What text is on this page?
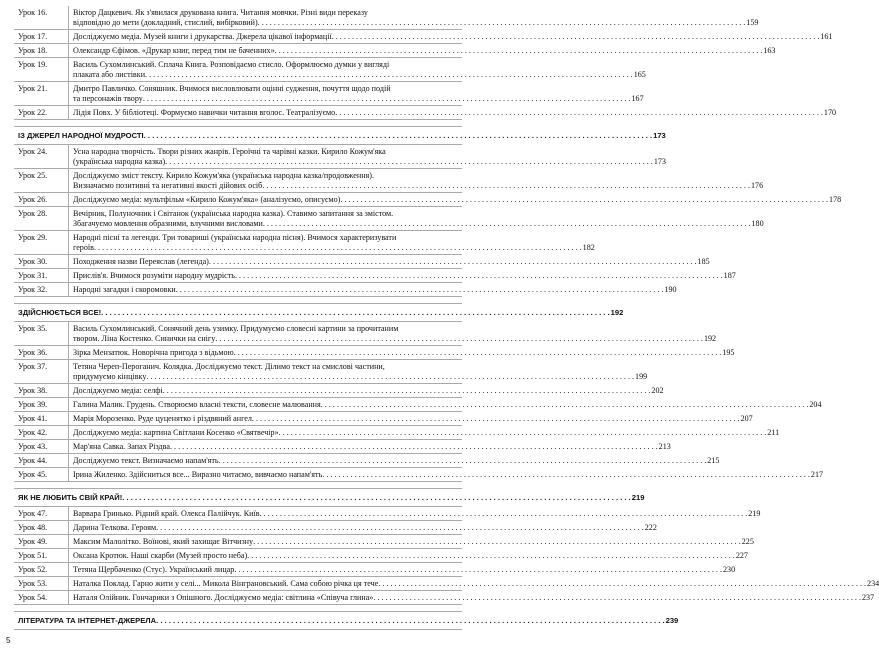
Урок 16.	Віктор Дацкевич. Як з'явилася друкована книга. Читання мовчки. Різні види переказу
відповідно до мети (докладний, стислий, вибірковий) . . .	159
Урок 17.	Досліджуємо медіа. Музей книги і друкарства. Джерела цікавої інформації . . .	161
Урок 18.	Олександр Єфімов. «Друкар книг, перед тим не баченних» . . .	163
Урок 19.	Василь Сухомлинський. Сплача Книга. Розповідаємо стисло. Оформлюємо думки у вигляді
плаката або листівки . . .	165
Урок 21.	Дмитро Павличко. Соняшник. Вчимося висловлювати оцінні судження, почуття щодо подій
та персонажів твору . . .	167
Урок 22.	Лідія Повх. У бібліотеці. Формуємо навички читання вголос. Театралізуємо . . .	170
ІЗ ДЖЕРЕЛ НАРОДНОЇ МУДРОСТІ . . .	173
Урок 24.	Усна народна творчість. Твори різних жанрів. Героїчні та чарівні казки. Кирило Кожум'яка
(українська народна казка) . . .	173
Урок 25.	Досліджуємо зміст тексту. Кирило Кожум'яка (українська народна казка/продовження).
Визначаємо позитивні та негативні якості дійових осіб . . .	176
Урок 26.	Досліджуємо медіа: мультфільм «Кирило Кожум'яка» (аналізуємо, описуємо) . . .	178
Урок 28.	Вечірник, Полуночник і Світанок (українська народна казка). Ставимо запитання за змістом.
Збагачуємо мовлення образними, влучними висловами . . .	180
Урок 29.	Народні пісні та легенди. Три товариші (українська народна пісня). Вчимося характеризувати
героїв . . .	182
Урок 30.	Походження назви Переяслав (легенда) . . .	185
Урок 31.	Прислів'я. Вчимося розуміти народну мудрість . . .	187
Урок 32.	Народні загадки і скоромовки . . .	190
ЗДІЙСНЮЄТЬСЯ ВСЕ! . . .	192
Урок 35.	Василь Сухомлинський. Сонячний день узимку. Придумуємо словесні картини за прочитаним
твором. Ліна Костенко. Синички на снігу . . .	192
Урок 36.	Зірка Мензатюк. Новорічна пригода з відьмою . . .	195
Урок 37.	Тетяна Череп-Пероганич. Колядка. Досліджуємо текст. Ділимо текст на смислові частини,
придумуємо кінцівку . . .	199
Урок 38.	Досліджуємо медіа: селфі . . .	202
Урок 39.	Галина Малик. Грудень. Створюємо власні тексти, словесне малювання . . .	204
Урок 41.	Марія Морозенко. Руде цуценятко і різдвяний ангел . . .	207
Урок 42.	Досліджуємо медіа: картина Світлани Косенко «Святвечір» . . .	211
Урок 43.	Мар'яна Савка. Запах Різдва . . .	213
Урок 44.	Досліджуємо текст. Визначаємо напам'ять . . .	215
Урок 45.	Ірина Жиленко. Здійсниться все... Виразно читаємо, вивчаємо напам'ять . . .	217
ЯК НЕ ЛЮБИТЬ СВІЙ КРАЙ! . . .	219
Урок 47.	Варвара Гринько. Рідний край. Олекса Палійчук. Київ . . .	219
Урок 48.	Дарина Телкова. Героям . . .	222
Урок 49.	Максим Малолітко. Воїнові, який захищає Вітчизну . . .	225
Урок 51.	Оксана Кротюк. Наші скарби (Музей просто неба) . . .	227
Урок 52.	Тетяна Щербаченко (Стус). Український лицар . . .	230
Урок 53.	Наталка Поклад. Гарно жити у селі... Микола Вінграновський. Сама собою річка ця тече . . .	234
Урок 54.	Наталя Олійник. Гончарики з Опішного. Досліджуємо медіа: світлина «Співуча глина» . . .	237
ЛІТЕРАТУРА ТА ІНТЕРНЕТ-ДЖЕРЕЛА . . .	239
5
